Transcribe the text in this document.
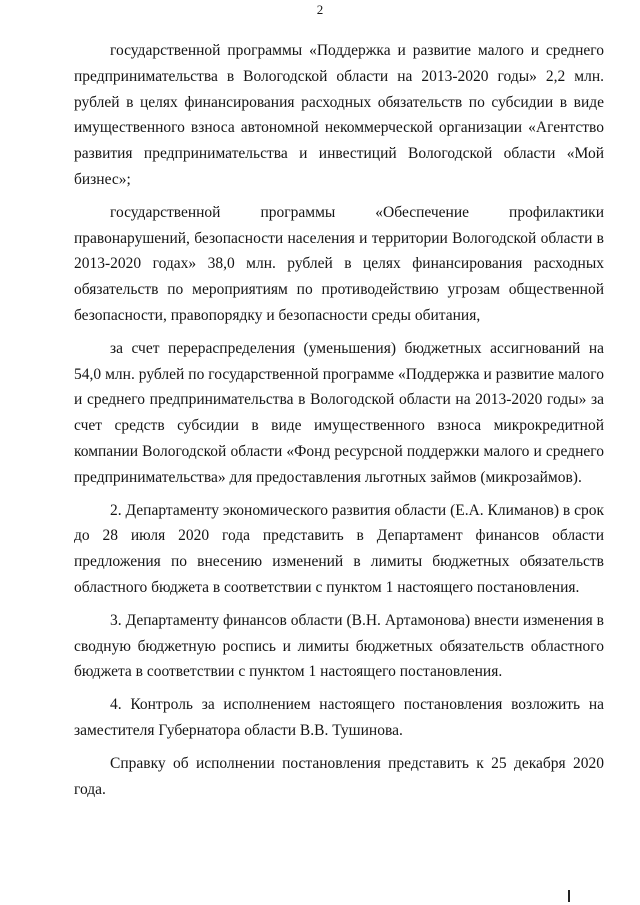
2

государственной программы «Поддержка и развитие малого и среднего предпринимательства в Вологодской области на 2013-2020 годы» 2,2 млн. рублей в целях финансирования расходных обязательств по субсидии в виде имущественного взноса автономной некоммерческой организации «Агентство развития предпринимательства и инвестиций Вологодской области «Мой бизнес»;

государственной программы «Обеспечение профилактики правонарушений, безопасности населения и территории Вологодской области в 2013-2020 годах» 38,0 млн. рублей в целях финансирования расходных обязательств по мероприятиям по противодействию угрозам общественной безопасности, правопорядку и безопасности среды обитания,

за счет перераспределения (уменьшения) бюджетных ассигнований на 54,0 млн. рублей по государственной программе «Поддержка и развитие малого и среднего предпринимательства в Вологодской области на 2013-2020 годы» за счет средств субсидии в виде имущественного взноса микрокредитной компании Вологодской области «Фонд ресурсной поддержки малого и среднего предпринимательства» для предоставления льготных займов (микрозаймов).

2. Департаменту экономического развития области (Е.А. Климанов) в срок до 28 июля 2020 года представить в Департамент финансов области предложения по внесению изменений в лимиты бюджетных обязательств областного бюджета в соответствии с пунктом 1 настоящего постановления.

3. Департаменту финансов области (В.Н. Артамонова) внести изменения в сводную бюджетную роспись и лимиты бюджетных обязательств областного бюджета в соответствии с пунктом 1 настоящего постановления.

4. Контроль за исполнением настоящего постановления возложить на заместителя Губернатора области В.В. Тушинова.

Справку об исполнении постановления представить к 25 декабря 2020 года.
